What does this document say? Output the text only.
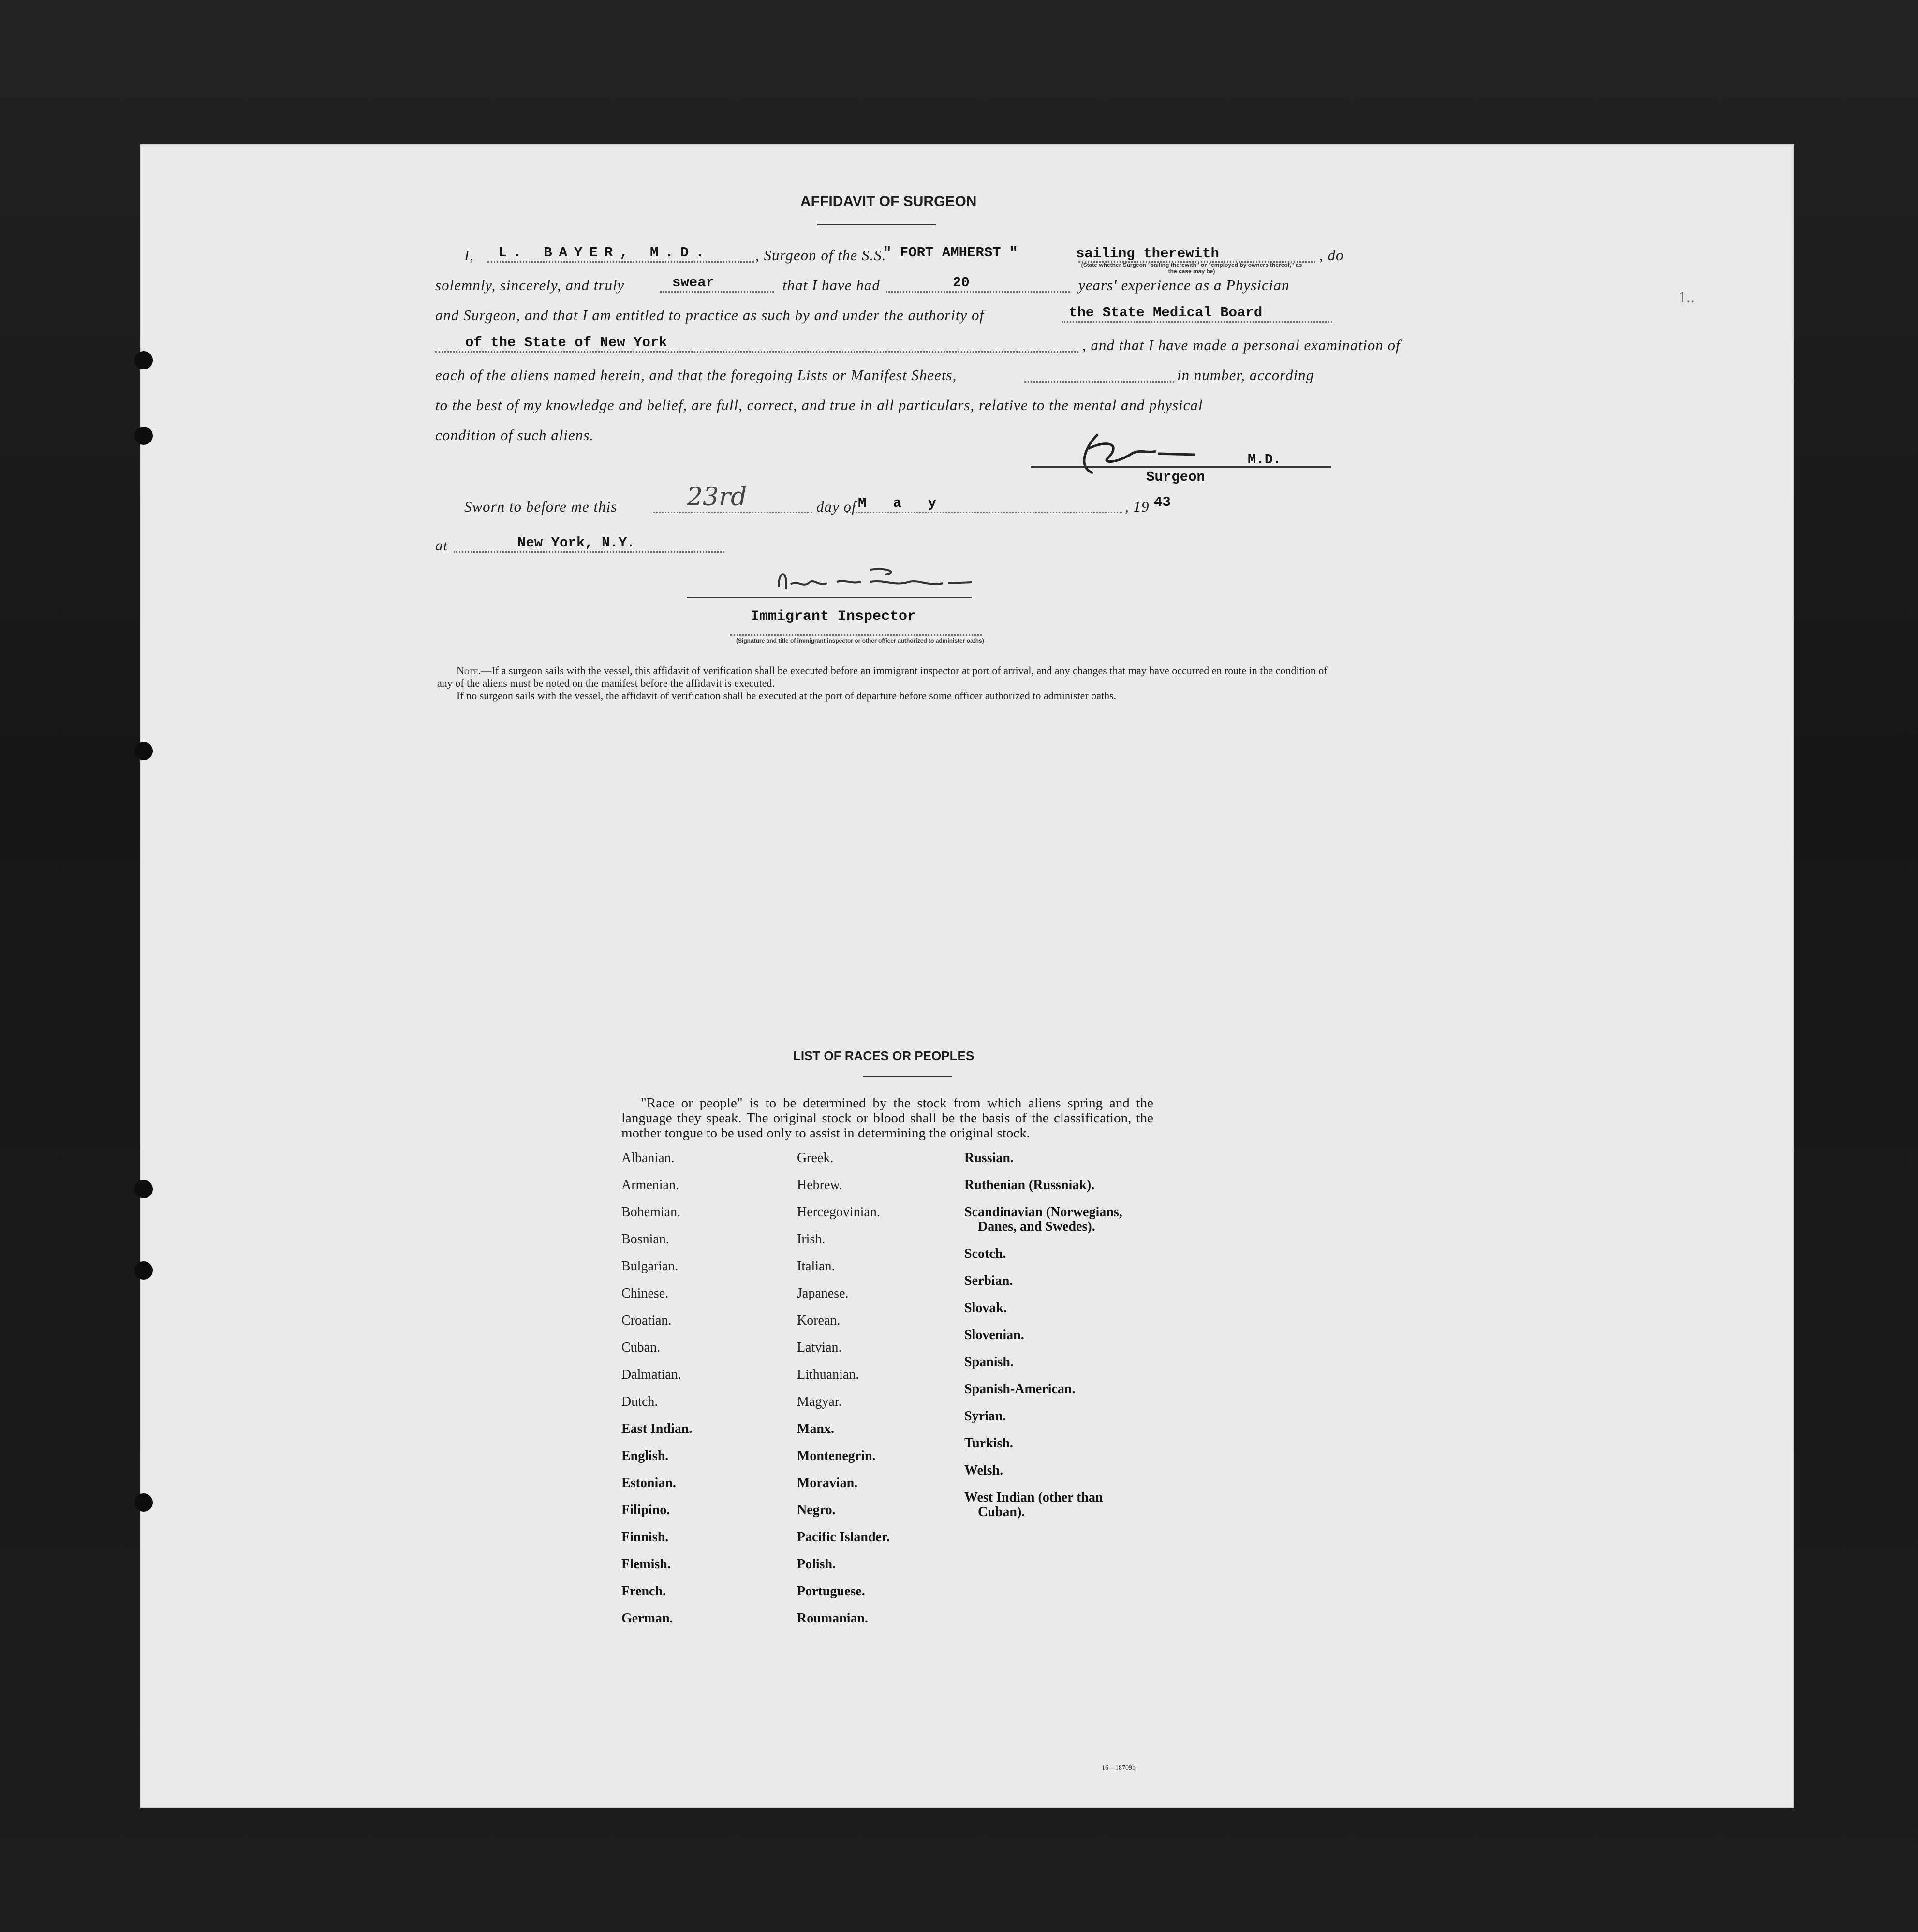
AFFIDAVIT OF SURGEON
1..
I, L. BAYER, M.D.	, Surgeon of the S.S.
" FORT AMHERST "	sailing therewith
(State whether Surgeon "sailing therewith" or "employed by owners thereof," as the case may be)
, do
solemnly, sincerely, and truly	swear	that I have had	20	years' experience as a Physician
and Surgeon, and that I am entitled to practice as such by and under the authority of	the State Medical Board
of the State of New York	, and that I have made a personal examination of
each of the aliens named herein, and that the foregoing Lists or Manifest Sheets,	in number, according
to the best of my knowledge and belief, are full, correct, and true in all particulars, relative to the mental and physical
condition of such aliens.
M.D.
Surgeon
Sworn to before me this	23rd	day of May	, 19 43
at	New York, N.Y.
Immigrant Inspector
(Signature and title of immigrant inspector or other officer authorized to administer oaths)
Note.—If a surgeon sails with the vessel, this affidavit of verification shall be executed before an immigrant inspector at port of arrival, and any changes that may have occurred en route in the condition of any of the aliens must be noted on the manifest before the affidavit is executed.
If no surgeon sails with the vessel, the affidavit of verification shall be executed at the port of departure before some officer authorized to administer oaths.
LIST OF RACES OR PEOPLES
"Race or people" is to be determined by the stock from which aliens spring and the language they speak. The original stock or blood shall be the basis of the classification, the mother tongue to be used only to assist in determining the original stock.
Albanian.
Armenian.
Bohemian.
Bosnian.
Bulgarian.
Chinese.
Croatian.
Cuban.
Dalmatian.
Dutch.
East Indian.
English.
Estonian.
Filipino.
Finnish.
Flemish.
French.
German.
Greek.
Hebrew.
Hercegovinian.
Irish.
Italian.
Japanese.
Korean.
Latvian.
Lithuanian.
Magyar.
Manx.
Montenegrin.
Moravian.
Negro.
Pacific Islander.
Polish.
Portuguese.
Roumanian.
Russian.
Ruthenian (Russniak).
Scandinavian (Norwegians,
Danes, and Swedes).
Scotch.
Serbian.
Slovak.
Slovenian.
Spanish.
Spanish-American.
Syrian.
Turkish.
Welsh.
West Indian (other than
Cuban).
16—18709b
